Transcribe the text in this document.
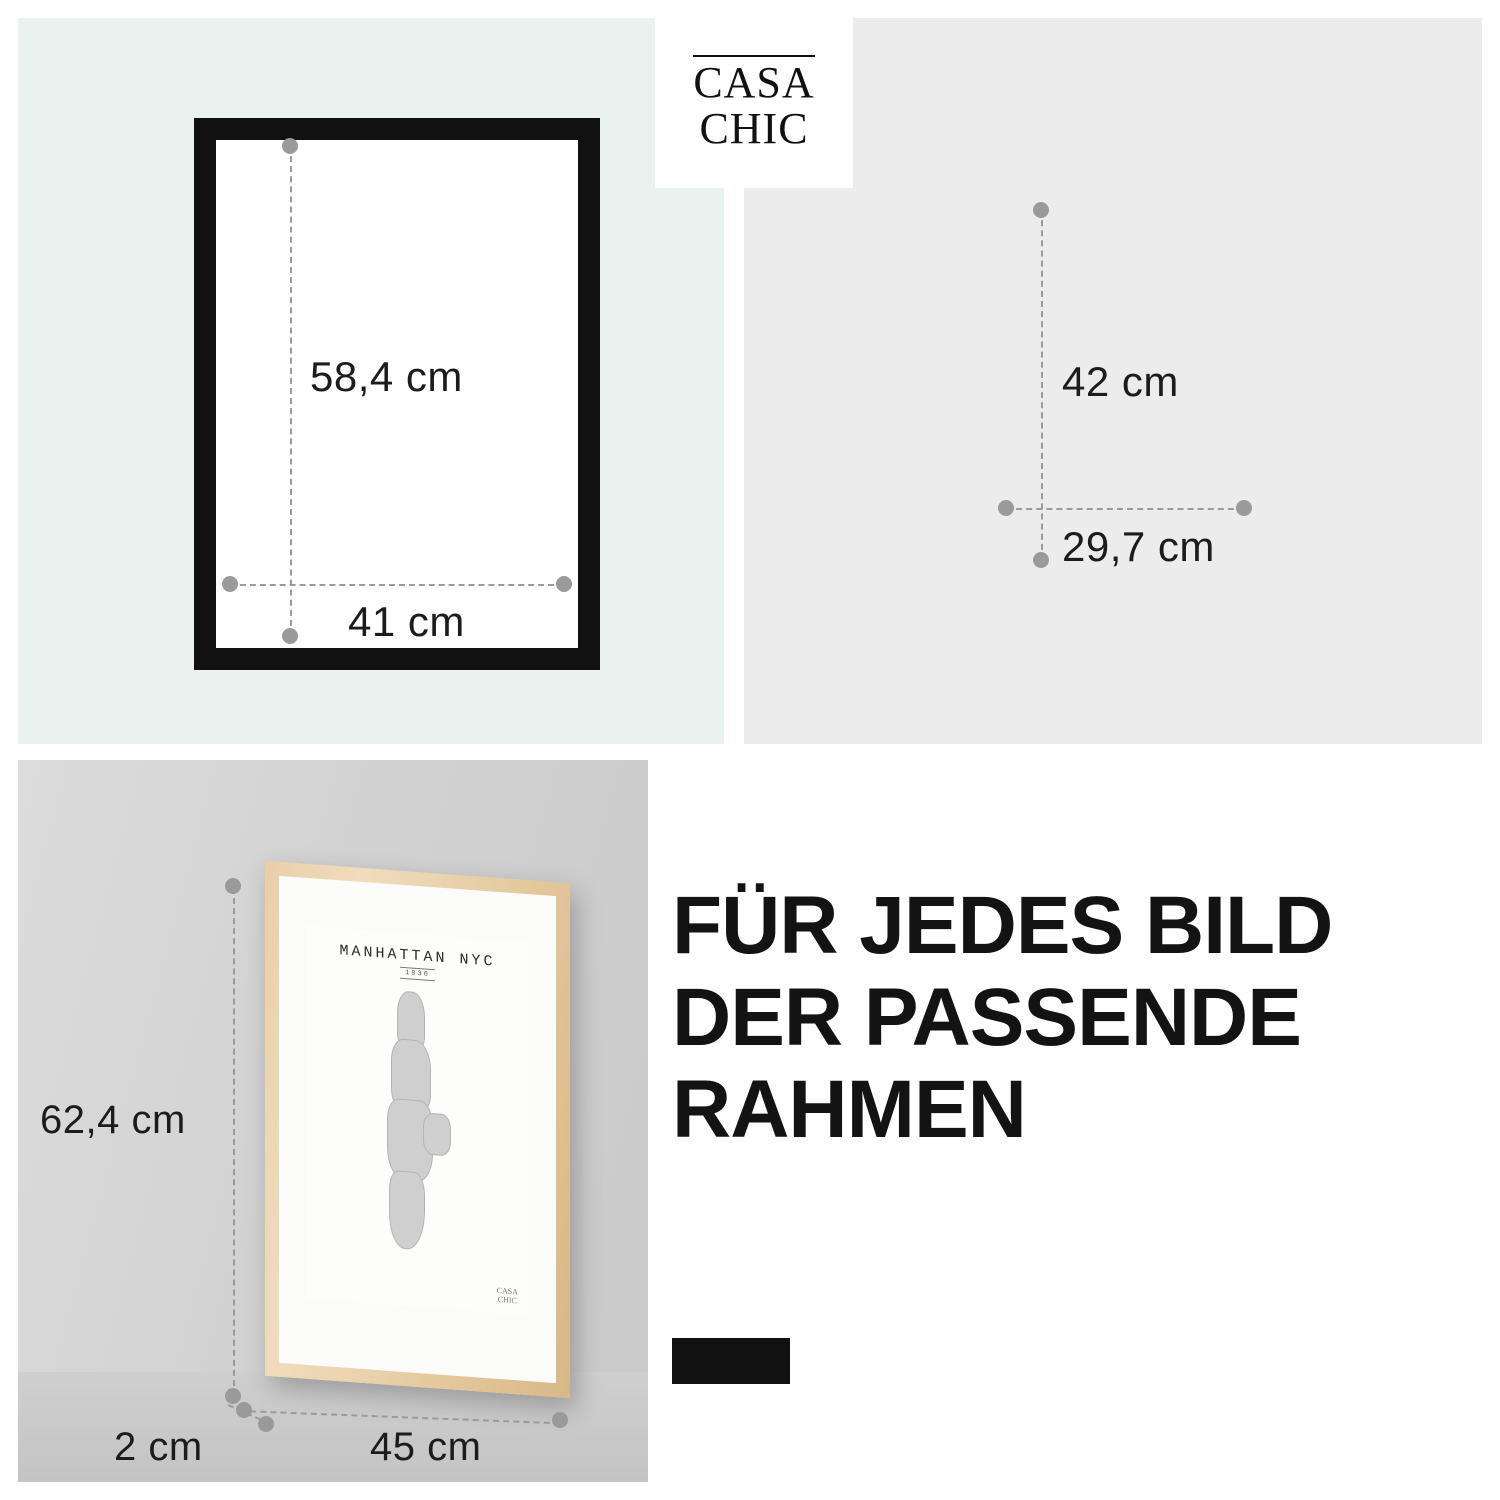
58,4 cm
41 cm
42 cm
29,7 cm
MANHATTAN NYC
1836
CASA
CHIC
62,4 cm
2 cm	45 cm
FÜR JEDES BILD
DER PASSENDE
RAHMEN
CASA
CHIC
